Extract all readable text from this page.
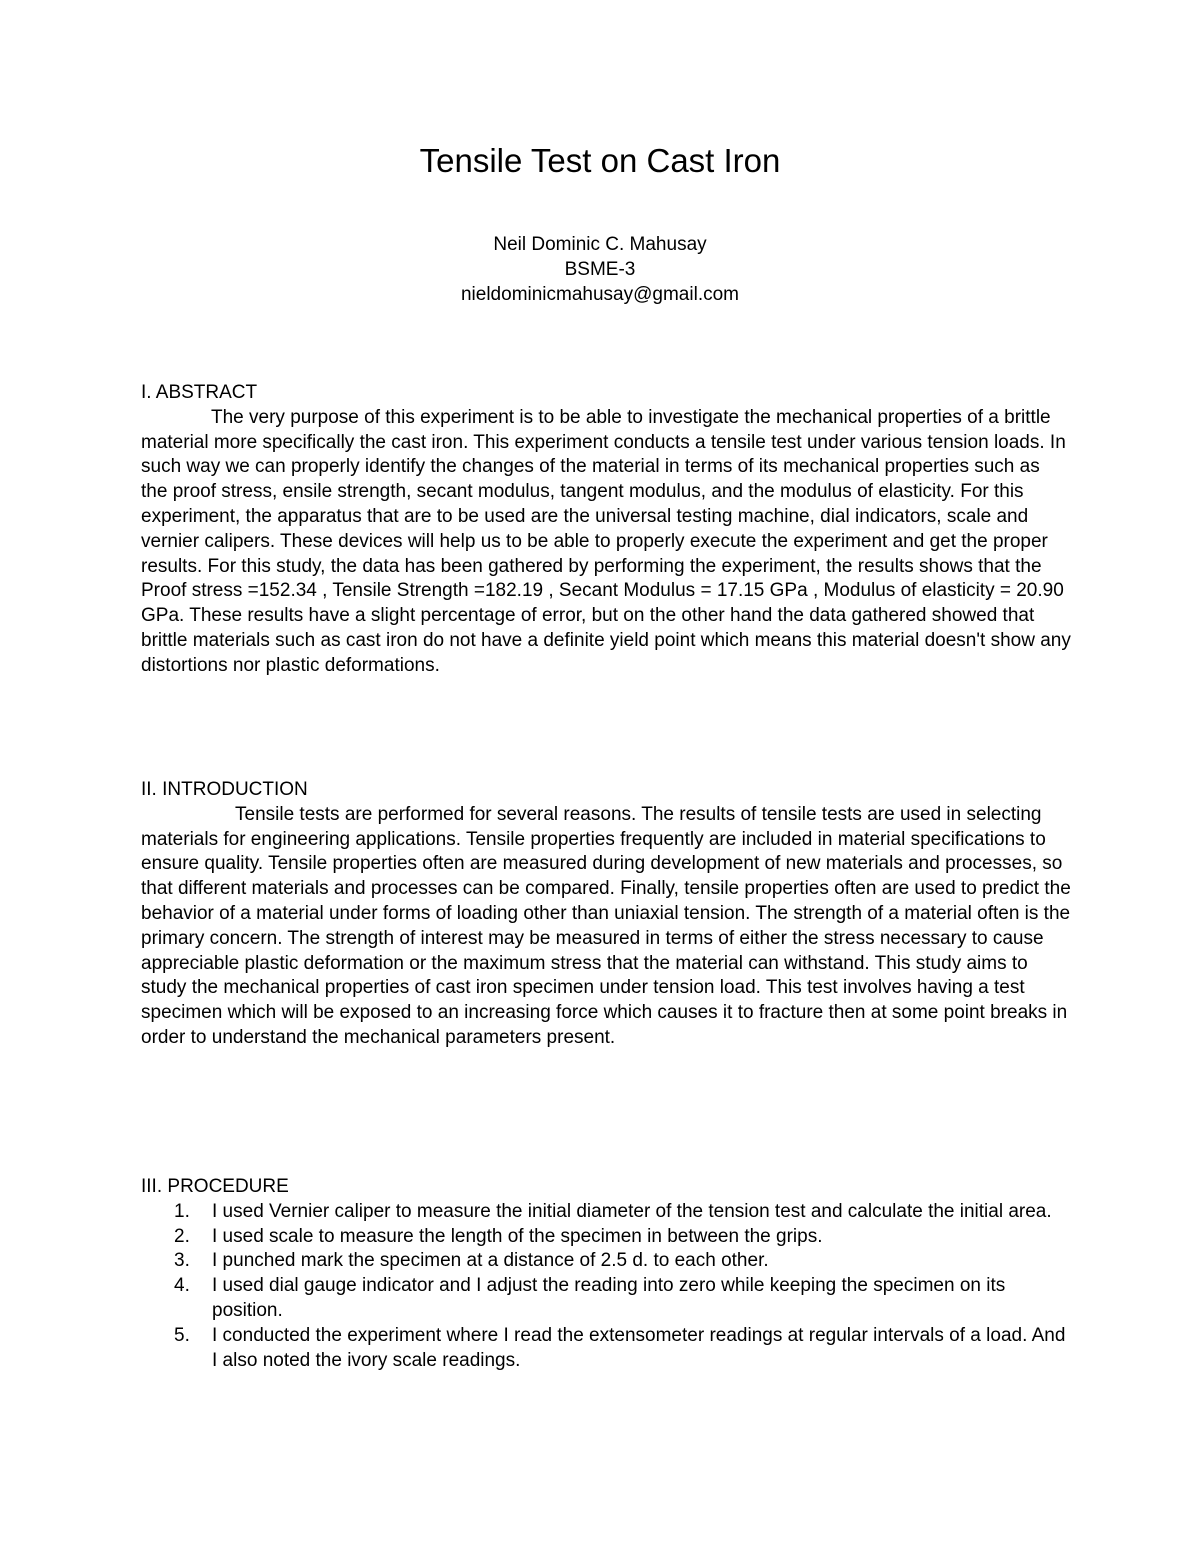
Tensile Test on Cast Iron
Neil Dominic C. Mahusay
BSME-3
nieldominicmahusay@gmail.com
I. ABSTRACT

The very purpose of this experiment is to be able to investigate the mechanical properties of a brittle material more specifically the cast iron. This experiment conducts a tensile test under various tension loads. In such way we can properly identify the changes of the material in terms of its mechanical properties such as the proof stress, ensile strength, secant modulus, tangent modulus, and the modulus of elasticity. For this experiment, the apparatus that are to be used are the universal testing machine, dial indicators, scale and vernier calipers. These devices will help us to be able to properly execute the experiment and get the proper results. For this study, the data has been gathered by performing the experiment, the results shows that the Proof stress =152.34 , Tensile Strength =182.19 , Secant Modulus = 17.15 GPa , Modulus of elasticity = 20.90 GPa. These results have a slight percentage of error, but on the other hand the data gathered showed that brittle materials such as cast iron do not have a definite yield point which means this material doesn't show any distortions nor plastic deformations.

II. INTRODUCTION

Tensile tests are performed for several reasons. The results of tensile tests are used in selecting materials for engineering applications. Tensile properties frequently are included in material specifications to ensure quality. Tensile properties often are measured during development of new materials and processes, so that different materials and processes can be compared. Finally, tensile properties often are used to predict the behavior of a material under forms of loading other than uniaxial tension. The strength of a material often is the primary concern. The strength of interest may be measured in terms of either the stress necessary to cause appreciable plastic deformation or the maximum stress that the material can withstand. This study aims to study the mechanical properties of cast iron specimen under tension load. This test involves having a test specimen which will be exposed to an increasing force which causes it to fracture then at some point breaks in order to understand the mechanical parameters present.

III. PROCEDURE
1.	I used Vernier caliper to measure the initial diameter of the tension test and calculate the initial area.
2.	I used scale to measure the length of the specimen in between the grips.
3.	I punched mark the specimen at a distance of 2.5 d. to each other.
4.	I used dial gauge indicator and I adjust the reading into zero while keeping the specimen on its position.
5.	I conducted the experiment where I read the extensometer readings at regular intervals of a load. And I also noted the ivory scale readings.
